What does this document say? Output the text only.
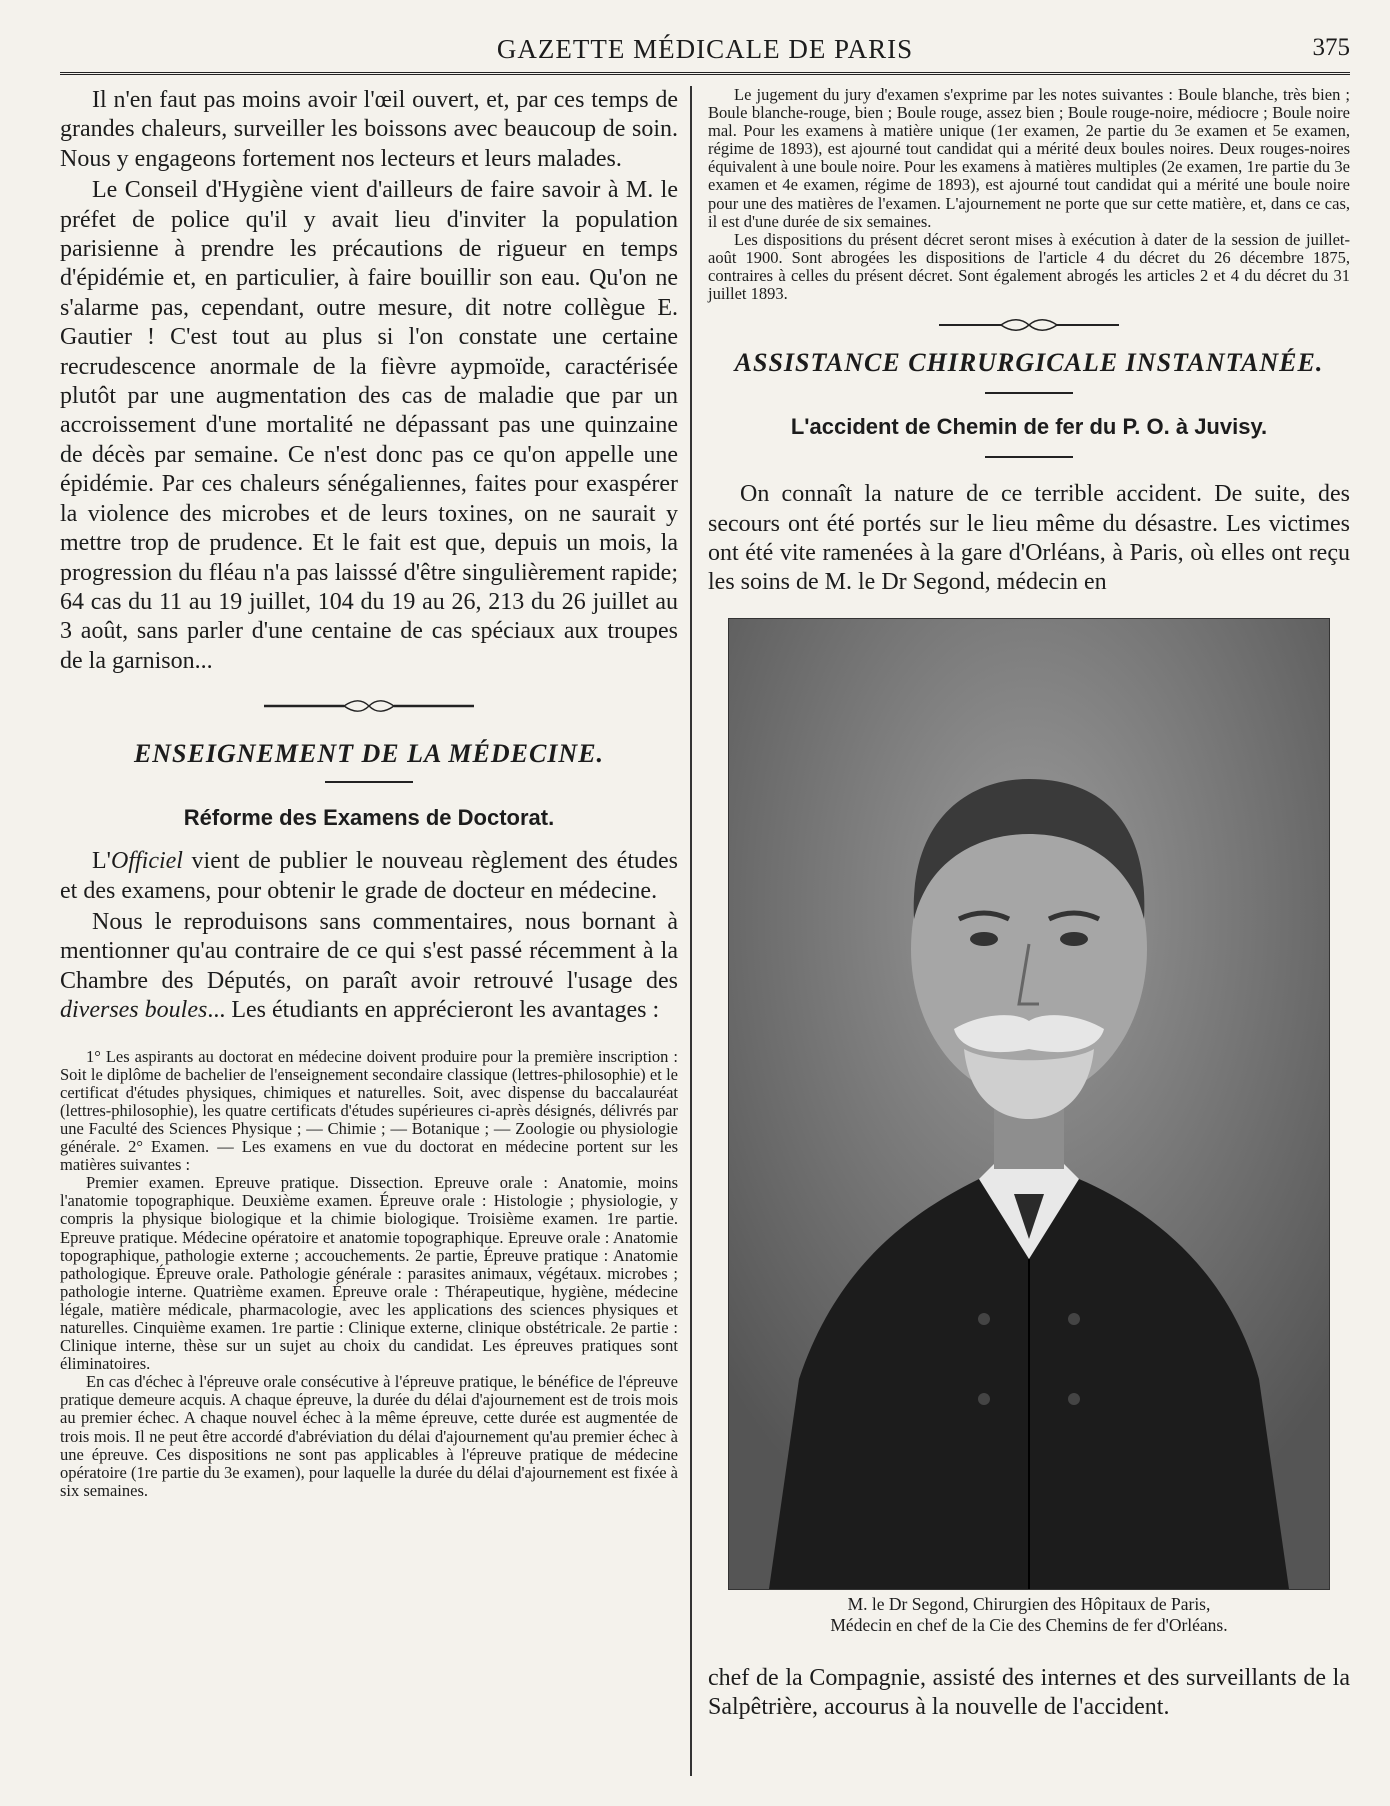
GAZETTE MÉDICALE DE PARIS	375

Il n'en faut pas moins avoir l'œil ouvert, et, par ces temps de grandes chaleurs, surveiller les boissons avec beaucoup de soin. Nous y engageons fortement nos lecteurs et leurs malades.

Le Conseil d'Hygiène vient d'ailleurs de faire savoir à M. le préfet de police qu'il y avait lieu d'inviter la population parisienne à prendre les précautions de rigueur en temps d'épidémie et, en particulier, à faire bouillir son eau. Qu'on ne s'alarme pas, cependant, outre mesure, dit notre collègue E. Gautier ! C'est tout au plus si l'on constate une certaine recrudescence anormale de la fièvre aypmoïde, caractérisée plutôt par une augmentation des cas de maladie que par un accroissement d'une mortalité ne dépassant pas une quinzaine de décès par semaine. Ce n'est donc pas ce qu'on appelle une épidémie. Par ces chaleurs sénégaliennes, faites pour exaspérer la violence des microbes et de leurs toxines, on ne saurait y mettre trop de prudence. Et le fait est que, depuis un mois, la progression du fléau n'a pas laisssé d'être singulièrement rapide; 64 cas du 11 au 19 juillet, 104 du 19 au 26, 213 du 26 juillet au 3 août, sans parler d'une centaine de cas spéciaux aux troupes de la garnison...

ENSEIGNEMENT DE LA MÉDECINE.
Réforme des Examens de Doctorat.

L'Officiel vient de publier le nouveau règlement des études et des examens, pour obtenir le grade de docteur en médecine.

Nous le reproduisons sans commentaires, nous bornant à mentionner qu'au contraire de ce qui s'est passé récemment à la Chambre des Députés, on paraît avoir retrouvé l'usage des diverses boules... Les étudiants en apprécieront les avantages :

1° Les aspirants au doctorat en médecine doivent produire pour la première inscription : Soit le diplôme de bachelier de l'enseignement secondaire classique (lettres-philosophie) et le certificat d'études physiques, chimiques et naturelles. Soit, avec dispense du baccalauréat (lettres-philosophie), les quatre certificats d'études supérieures ci-après désignés, délivrés par une Faculté des Sciences Physique ; — Chimie ; — Botanique ; — Zoologie ou physiologie générale. 2° Examen. — Les examens en vue du doctorat en médecine portent sur les matières suivantes :

Premier examen. Epreuve pratique. Dissection. Epreuve orale : Anatomie, moins l'anatomie topographique. Deuxième examen. Épreuve orale : Histologie ; physiologie, y compris la physique biologique et la chimie biologique. Troisième examen. 1re partie. Epreuve pratique. Médecine opératoire et anatomie topographique. Epreuve orale : Anatomie topographique, pathologie externe ; accouchements. 2e partie, Épreuve pratique : Anatomie pathologique. Épreuve orale. Pathologie générale : parasites animaux, végétaux. microbes ; pathologie interne. Quatrième examen. Épreuve orale : Thérapeutique, hygiène, médecine légale, matière médicale, pharmacologie, avec les applications des sciences physiques et naturelles. Cinquième examen. 1re partie : Clinique externe, clinique obstétricale. 2e partie : Clinique interne, thèse sur un sujet au choix du candidat. Les épreuves pratiques sont éliminatoires.

En cas d'échec à l'épreuve orale consécutive à l'épreuve pratique, le bénéfice de l'épreuve pratique demeure acquis. A chaque épreuve, la durée du délai d'ajournement est de trois mois au premier échec. A chaque nouvel échec à la même épreuve, cette durée est augmentée de trois mois. Il ne peut être accordé d'abréviation du délai d'ajournement qu'au premier échec à une épreuve. Ces dispositions ne sont pas applicables à l'épreuve pratique de médecine opératoire (1re partie du 3e examen), pour laquelle la durée du délai d'ajournement est fixée à six semaines.

Le jugement du jury d'examen s'exprime par les notes suivantes : Boule blanche, très bien ; Boule blanche-rouge, bien ; Boule rouge, assez bien ; Boule rouge-noire, médiocre ; Boule noire mal. Pour les examens à matière unique (1er examen, 2e partie du 3e examen et 5e examen, régime de 1893), est ajourné tout candidat qui a mérité deux boules noires. Deux rouges-noires équivalent à une boule noire. Pour les examens à matières multiples (2e examen, 1re partie du 3e examen et 4e examen, régime de 1893), est ajourné tout candidat qui a mérité une boule noire pour une des matières de l'examen. L'ajournement ne porte que sur cette matière, et, dans ce cas, il est d'une durée de six semaines.

Les dispositions du présent décret seront mises à exécution à dater de la session de juillet-août 1900. Sont abrogées les dispositions de l'article 4 du décret du 26 décembre 1875, contraires à celles du présent décret. Sont également abrogés les articles 2 et 4 du décret du 31 juillet 1893.

ASSISTANCE CHIRURGICALE INSTANTANÉE.
L'accident de Chemin de fer du P. O. à Juvisy.

On connaît la nature de ce terrible accident. De suite, des secours ont été portés sur le lieu même du désastre. Les victimes ont été vite ramenées à la gare d'Orléans, à Paris, où elles ont reçu les soins de M. le Dr Segond, médecin en

M. le Dr Segond, Chirurgien des Hôpitaux de Paris,

Médecin en chef de la Cie des Chemins de fer d'Orléans.

chef de la Compagnie, assisté des internes et des surveillants de la Salpêtrière, accourus à la nouvelle de l'accident.
